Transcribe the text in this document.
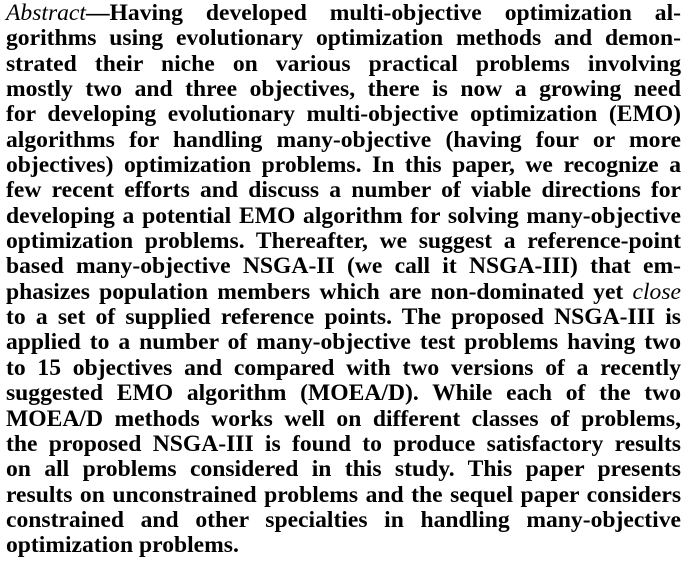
Abstract—Having developed multi-objective optimization al-
gorithms using evolutionary optimization methods and demon-
strated their niche on various practical problems involving
mostly two and three objectives, there is now a growing need
for developing evolutionary multi-objective optimization (EMO)
algorithms for handling many-objective (having four or more
objectives) optimization problems. In this paper, we recognize a
few recent efforts and discuss a number of viable directions for
developing a potential EMO algorithm for solving many-objective
optimization problems. Thereafter, we suggest a reference-point
based many-objective NSGA-II (we call it NSGA-III) that em-
phasizes population members which are non-dominated yet close
to a set of supplied reference points. The proposed NSGA-III is
applied to a number of many-objective test problems having two
to 15 objectives and compared with two versions of a recently
suggested EMO algorithm (MOEA/D). While each of the two
MOEA/D methods works well on different classes of problems,
the proposed NSGA-III is found to produce satisfactory results
on all problems considered in this study. This paper presents
results on unconstrained problems and the sequel paper considers
constrained and other specialties in handling many-objective
optimization problems.
